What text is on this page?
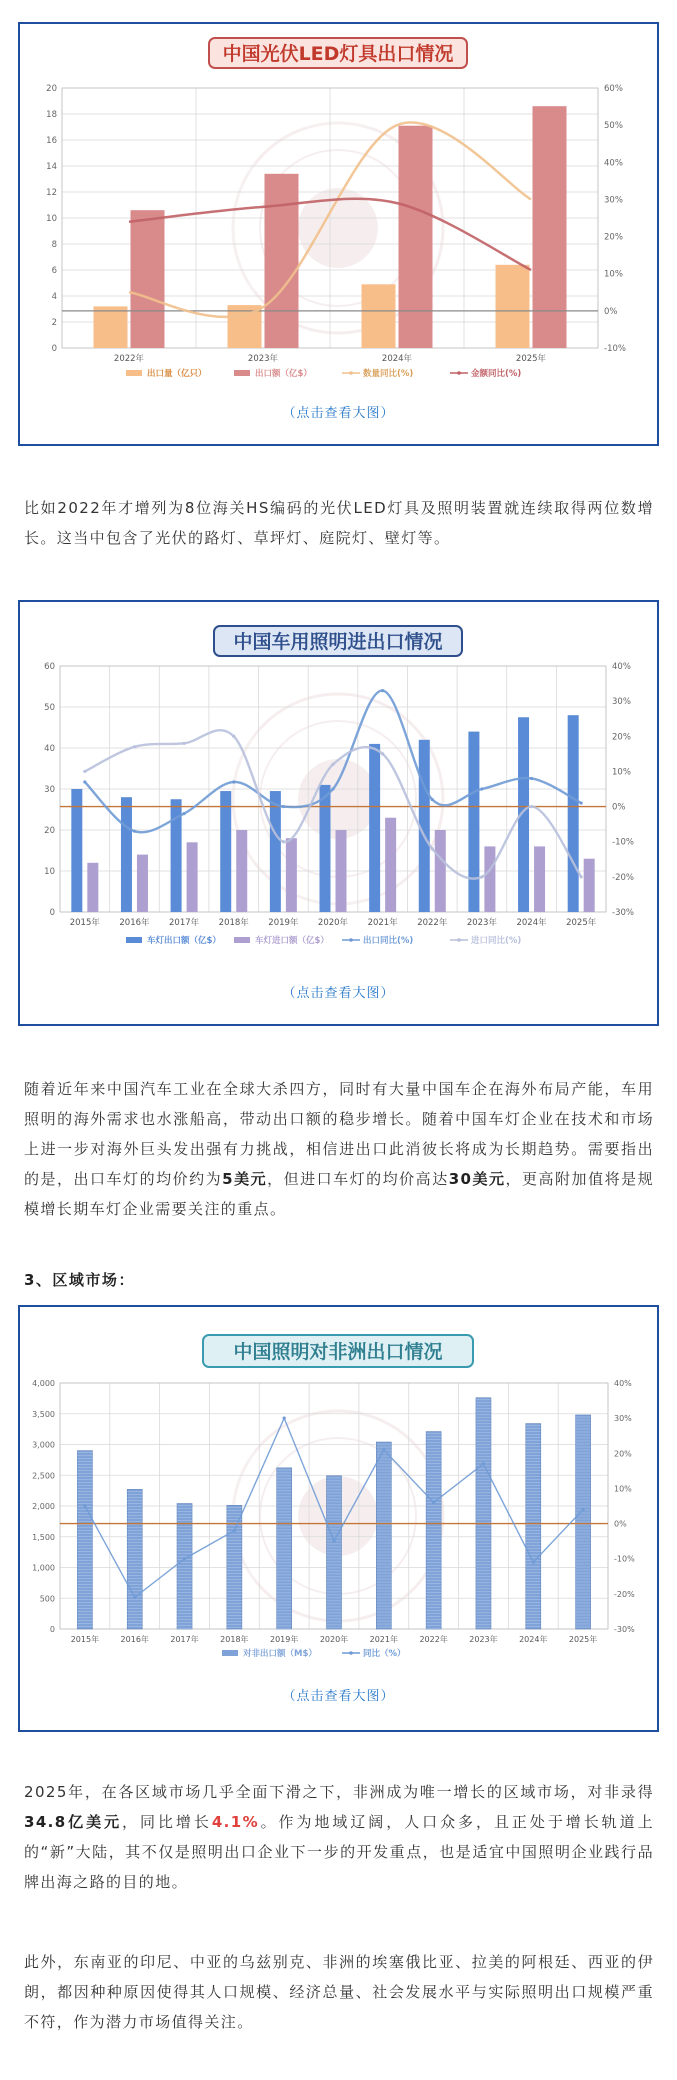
中国光伏LED灯具出口情况
0
2
4
6
8
10
12
14
16
18
20
-10%
0%
10%
20%
30%
40%
50%
60%
2022年	2023年	2024年	2025年
出口量（亿只）	出口额（亿$）	数量同比(%)	金额同比(%)
（点击查看大图）
比如2022年才增列为8位海关HS编码的光伏LED灯具及照明装置就连续取得两位数增长。这当中包含了光伏的路灯、草坪灯、庭院灯、壁灯等。
中国车用照明进出口情况
0
10
20
30
40
50
60
-30%
-20%
-10%
0%
10%
20%
30%
40%
2015年 2016年 2017年 2018年 2019年 2020年 2021年 2022年 2023年 2024年 2025年
车灯出口额（亿$）	车灯进口额（亿$）	出口同比(%)	进口同比(%)
（点击查看大图）
随着近年来中国汽车工业在全球大杀四方，同时有大量中国车企在海外布局产能，车用照明的海外需求也水涨船高，带动出口额的稳步增长。随着中国车灯企业在技术和市场上进一步对海外巨头发出强有力挑战，相信进出口此消彼长将成为长期趋势。需要指出的是，出口车灯的均价约为5美元，但进口车灯的均价高达30美元，更高附加值将是规模增长期车灯企业需要关注的重点。
3、区域市场：
中国照明对非洲出口情况
0
500
1,000
1,500
2,000
2,500
3,000
3,500
4,000
-30%
-20%
-10%
0%
10%
20%
30%
40%
2015年	2016年	2017年	2018年	2019年	2020年	2021年	2022年	2023年	2024年	2025年
对非出口额（M$）	同比（%）
（点击查看大图）
2025年，在各区域市场几乎全面下滑之下，非洲成为唯一增长的区域市场，对非录得34.8亿美元，同比增长4.1%。作为地域辽阔，人口众多，且正处于增长轨道上的“新”大陆，其不仅是照明出口企业下一步的开发重点，也是适宜中国照明企业践行品牌出海之路的目的地。
此外，东南亚的印尼、中亚的乌兹别克、非洲的埃塞俄比亚、拉美的阿根廷、西亚的伊朗，都因种种原因使得其人口规模、经济总量、社会发展水平与实际照明出口规模严重不符，作为潜力市场值得关注。
